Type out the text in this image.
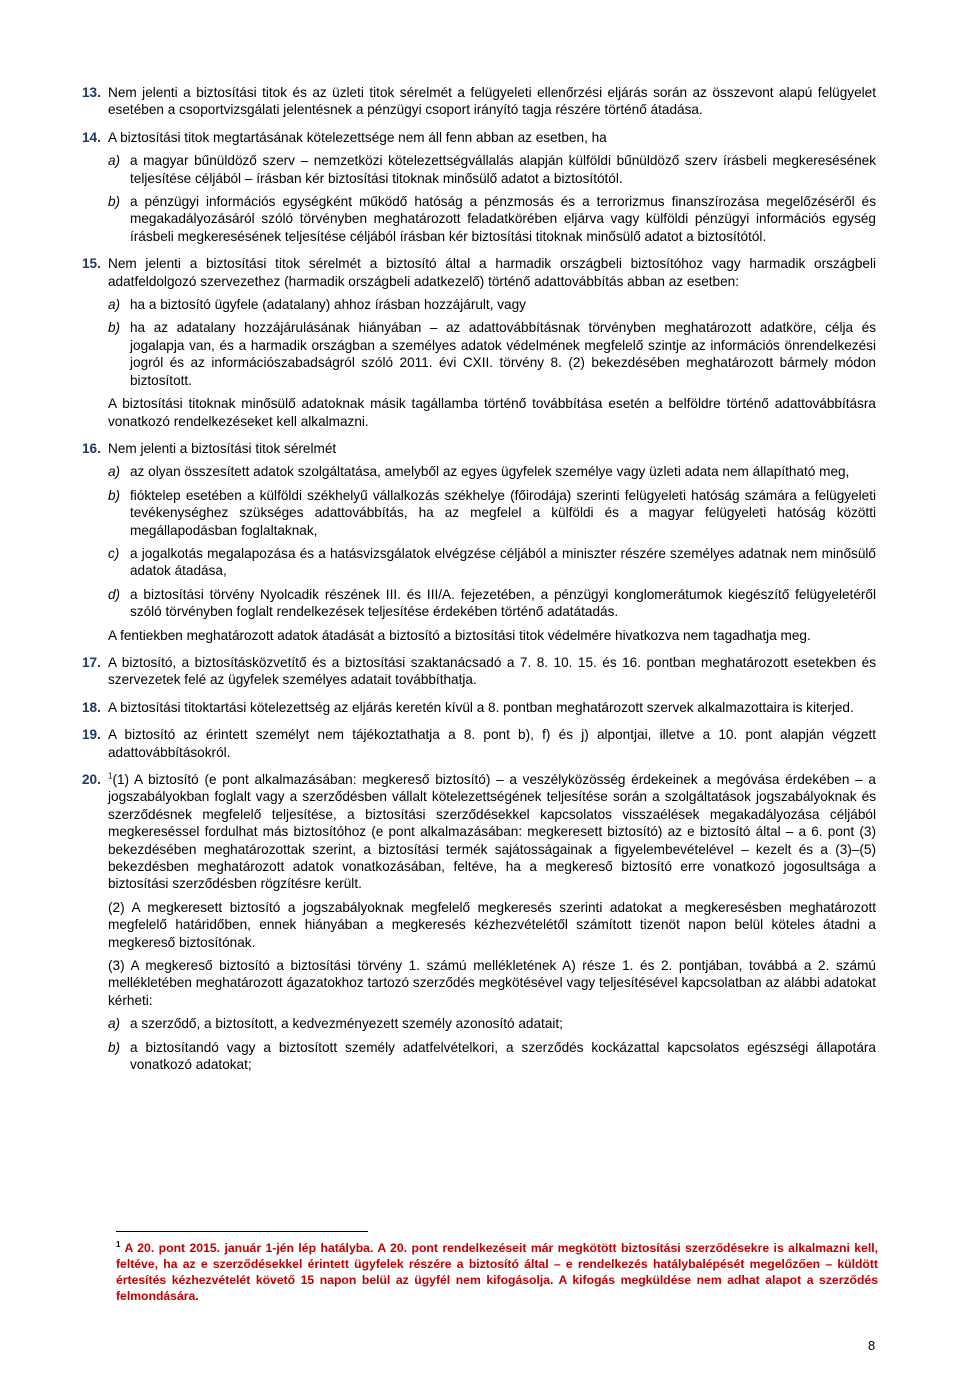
13. Nem jelenti a biztosítási titok és az üzleti titok sérelmét a felügyeleti ellenőrzési eljárás során az összevont alapú felügyelet esetében a csoportvizsgálati jelentésnek a pénzügyi csoport irányító tagja részére történő átadása.
14. A biztosítási titok megtartásának kötelezettsége nem áll fenn abban az esetben, ha
a) a magyar bűnüldöző szerv – nemzetközi kötelezettségvállalás alapján külföldi bűnüldöző szerv írásbeli megkeresésének teljesítése céljából – írásban kér biztosítási titoknak minősülő adatot a biztosítótól.
b) a pénzügyi információs egységként működő hatóság a pénzmosás és a terrorizmus finanszírozása megelőzéséről és megakadályozásáról szóló törvényben meghatározott feladatkörében eljárva vagy külföldi pénzügyi információs egység írásbeli megkeresésének teljesítése céljából írásban kér biztosítási titoknak minősülő adatot a biztosítótól.
15. Nem jelenti a biztosítási titok sérelmét a biztosító által a harmadik országbeli biztosítóhoz vagy harmadik országbeli adatfeldolgozó szervezethez (harmadik országbeli adatkezelő) történő adattovábbítás abban az esetben:
a) ha a biztosító ügyfele (adatalany) ahhoz írásban hozzájárult, vagy
b) ha az adatalany hozzájárulásának hiányában – az adattovábbításnak törvényben meghatározott adatköre, célja és jogalapja van, és a harmadik országban a személyes adatok védelmének megfelelő szintje az információs önrendelkezési jogról és az információszabadságról szóló 2011. évi CXII. törvény 8. (2) bekezdésében meghatározott bármely módon biztosított.
A biztosítási titoknak minősülő adatoknak másik tagállamba történő továbbítása esetén a belföldre történő adattovábbításra vonatkozó rendelkezéseket kell alkalmazni.
16. Nem jelenti a biztosítási titok sérelmét
a) az olyan összesített adatok szolgáltatása, amelyből az egyes ügyfelek személye vagy üzleti adata nem állapítható meg,
b) fióktelep esetében a külföldi székhelyű vállalkozás székhelye (főirodája) szerinti felügyeleti hatóság számára a felügyeleti tevékenységhez szükséges adattovábbítás, ha az megfelel a külföldi és a magyar felügyeleti hatóság közötti megállapodásban foglaltaknak,
c) a jogalkotás megalapozása és a hatásvizsgálatok elvégzése céljából a miniszter részére személyes adatnak nem minősülő adatok átadása,
d) a biztosítási törvény Nyolcadik részének III. és III/A. fejezetében, a pénzügyi konglomerátumok kiegészítő felügyeletéről szóló törvényben foglalt rendelkezések teljesítése érdekében történő adatátadás.
A fentiekben meghatározott adatok átadását a biztosító a biztosítási titok védelmére hivatkozva nem tagadhatja meg.
17. A biztosító, a biztosításközvetítő és a biztosítási szaktanácsadó a 7. 8. 10. 15. és 16. pontban meghatározott esetekben és szervezetek felé az ügyfelek személyes adatait továbbíthatja.
18. A biztosítási titoktartási kötelezettség az eljárás keretén kívül a 8. pontban meghatározott szervek alkalmazottaira is kiterjed.
19. A biztosító az érintett személyt nem tájékoztathatja a 8. pont b), f) és j) alpontjai, illetve a 10. pont alapján végzett adattovábbításokról.
20. $^1$(1) A biztosító (e pont alkalmazásában: megkereső biztosító) – a veszélyközösség érdekeinek a megóvása érdekében – a jogszabályokban foglalt vagy a szerződésben vállalt kötelezettségének teljesítése során a szolgáltatások jogszabályoknak és szerződésnek megfelelő teljesítése, a biztosítási szerződésekkel kapcsolatos visszaélések megakadályozása céljából megkereséssel fordulhat más biztosítóhoz (e pont alkalmazásában: megkeresett biztosító) az e biztosító által – a 6. pont (3) bekezdésében meghatározottak szerint, a biztosítási termék sajátosságainak a figyelembevételével – kezelt és a (3)–(5) bekezdésben meghatározott adatok vonatkozásában, feltéve, ha a megkereső biztosító erre vonatkozó jogosultsága a biztosítási szerződésben rögzítésre került.
(2) A megkeresett biztosító a jogszabályoknak megfelelő megkeresés szerinti adatokat a megkeresésben meghatározott megfelelő határidőben, ennek hiányában a megkeresés kézhezvételétől számított tizenöt napon belül köteles átadni a megkereső biztosítónak.
(3) A megkereső biztosító a biztosítási törvény 1. számú mellékletének A) része 1. és 2. pontjában, továbbá a 2. számú mellékletében meghatározott ágazatokhoz tartozó szerződés megkötésével vagy teljesítésével kapcsolatban az alábbi adatokat kérheti:
a) a szerződő, a biztosított, a kedvezményezett személy azonosító adatait;
b) a biztosítandó vagy a biztosított személy adatfelvételkori, a szerződés kockázattal kapcsolatos egészségi állapotára vonatkozó adatokat;
$^1$ A 20. pont 2015. január 1-jén lép hatályba. A 20. pont rendelkezéseit már megkötött biztosítási szerződésekre is alkalmazni kell, feltéve, ha az e szerződésekkel érintett ügyfelek részére a biztosító által – e rendelkezés hatálybalépését megelőzően – küldött értesítés kézhezvételét követő 15 napon belül az ügyfél nem kifogásolja. A kifogás megküldése nem adhat alapot a szerződés felmondására.
8
